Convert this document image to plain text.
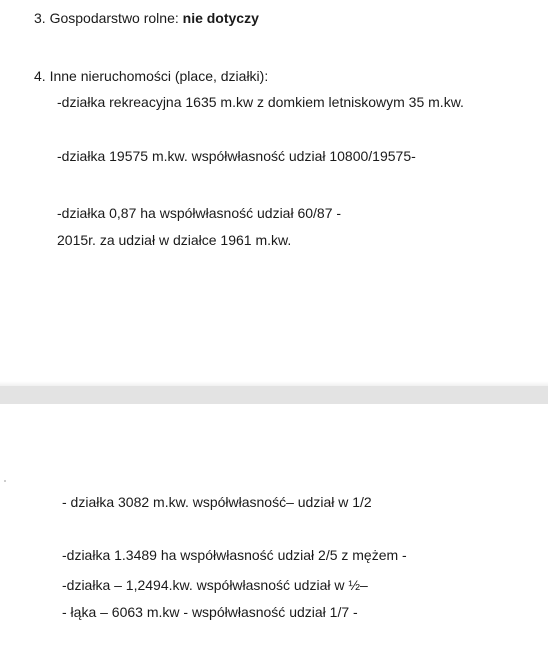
3. Gospodarstwo rolne: nie dotyczy
4. Inne nieruchomości (place, działki):
-działka rekreacyjna 1635 m.kw z domkiem letniskowym 35 m.kw.
-działka 19575 m.kw. współwłasność udział 10800/19575-
-działka 0,87 ha współwłasność udział 60/87 -
2015r. za udział w działce 1961 m.kw.
- działka 3082 m.kw. współwłasność– udział w 1/2
-działka 1.3489 ha współwłasność udział 2/5 z mężem -
-działka – 1,2494.kw. współwłasność udział w ½–
- łąka – 6063 m.kw - współwłasność udział 1/7 -
